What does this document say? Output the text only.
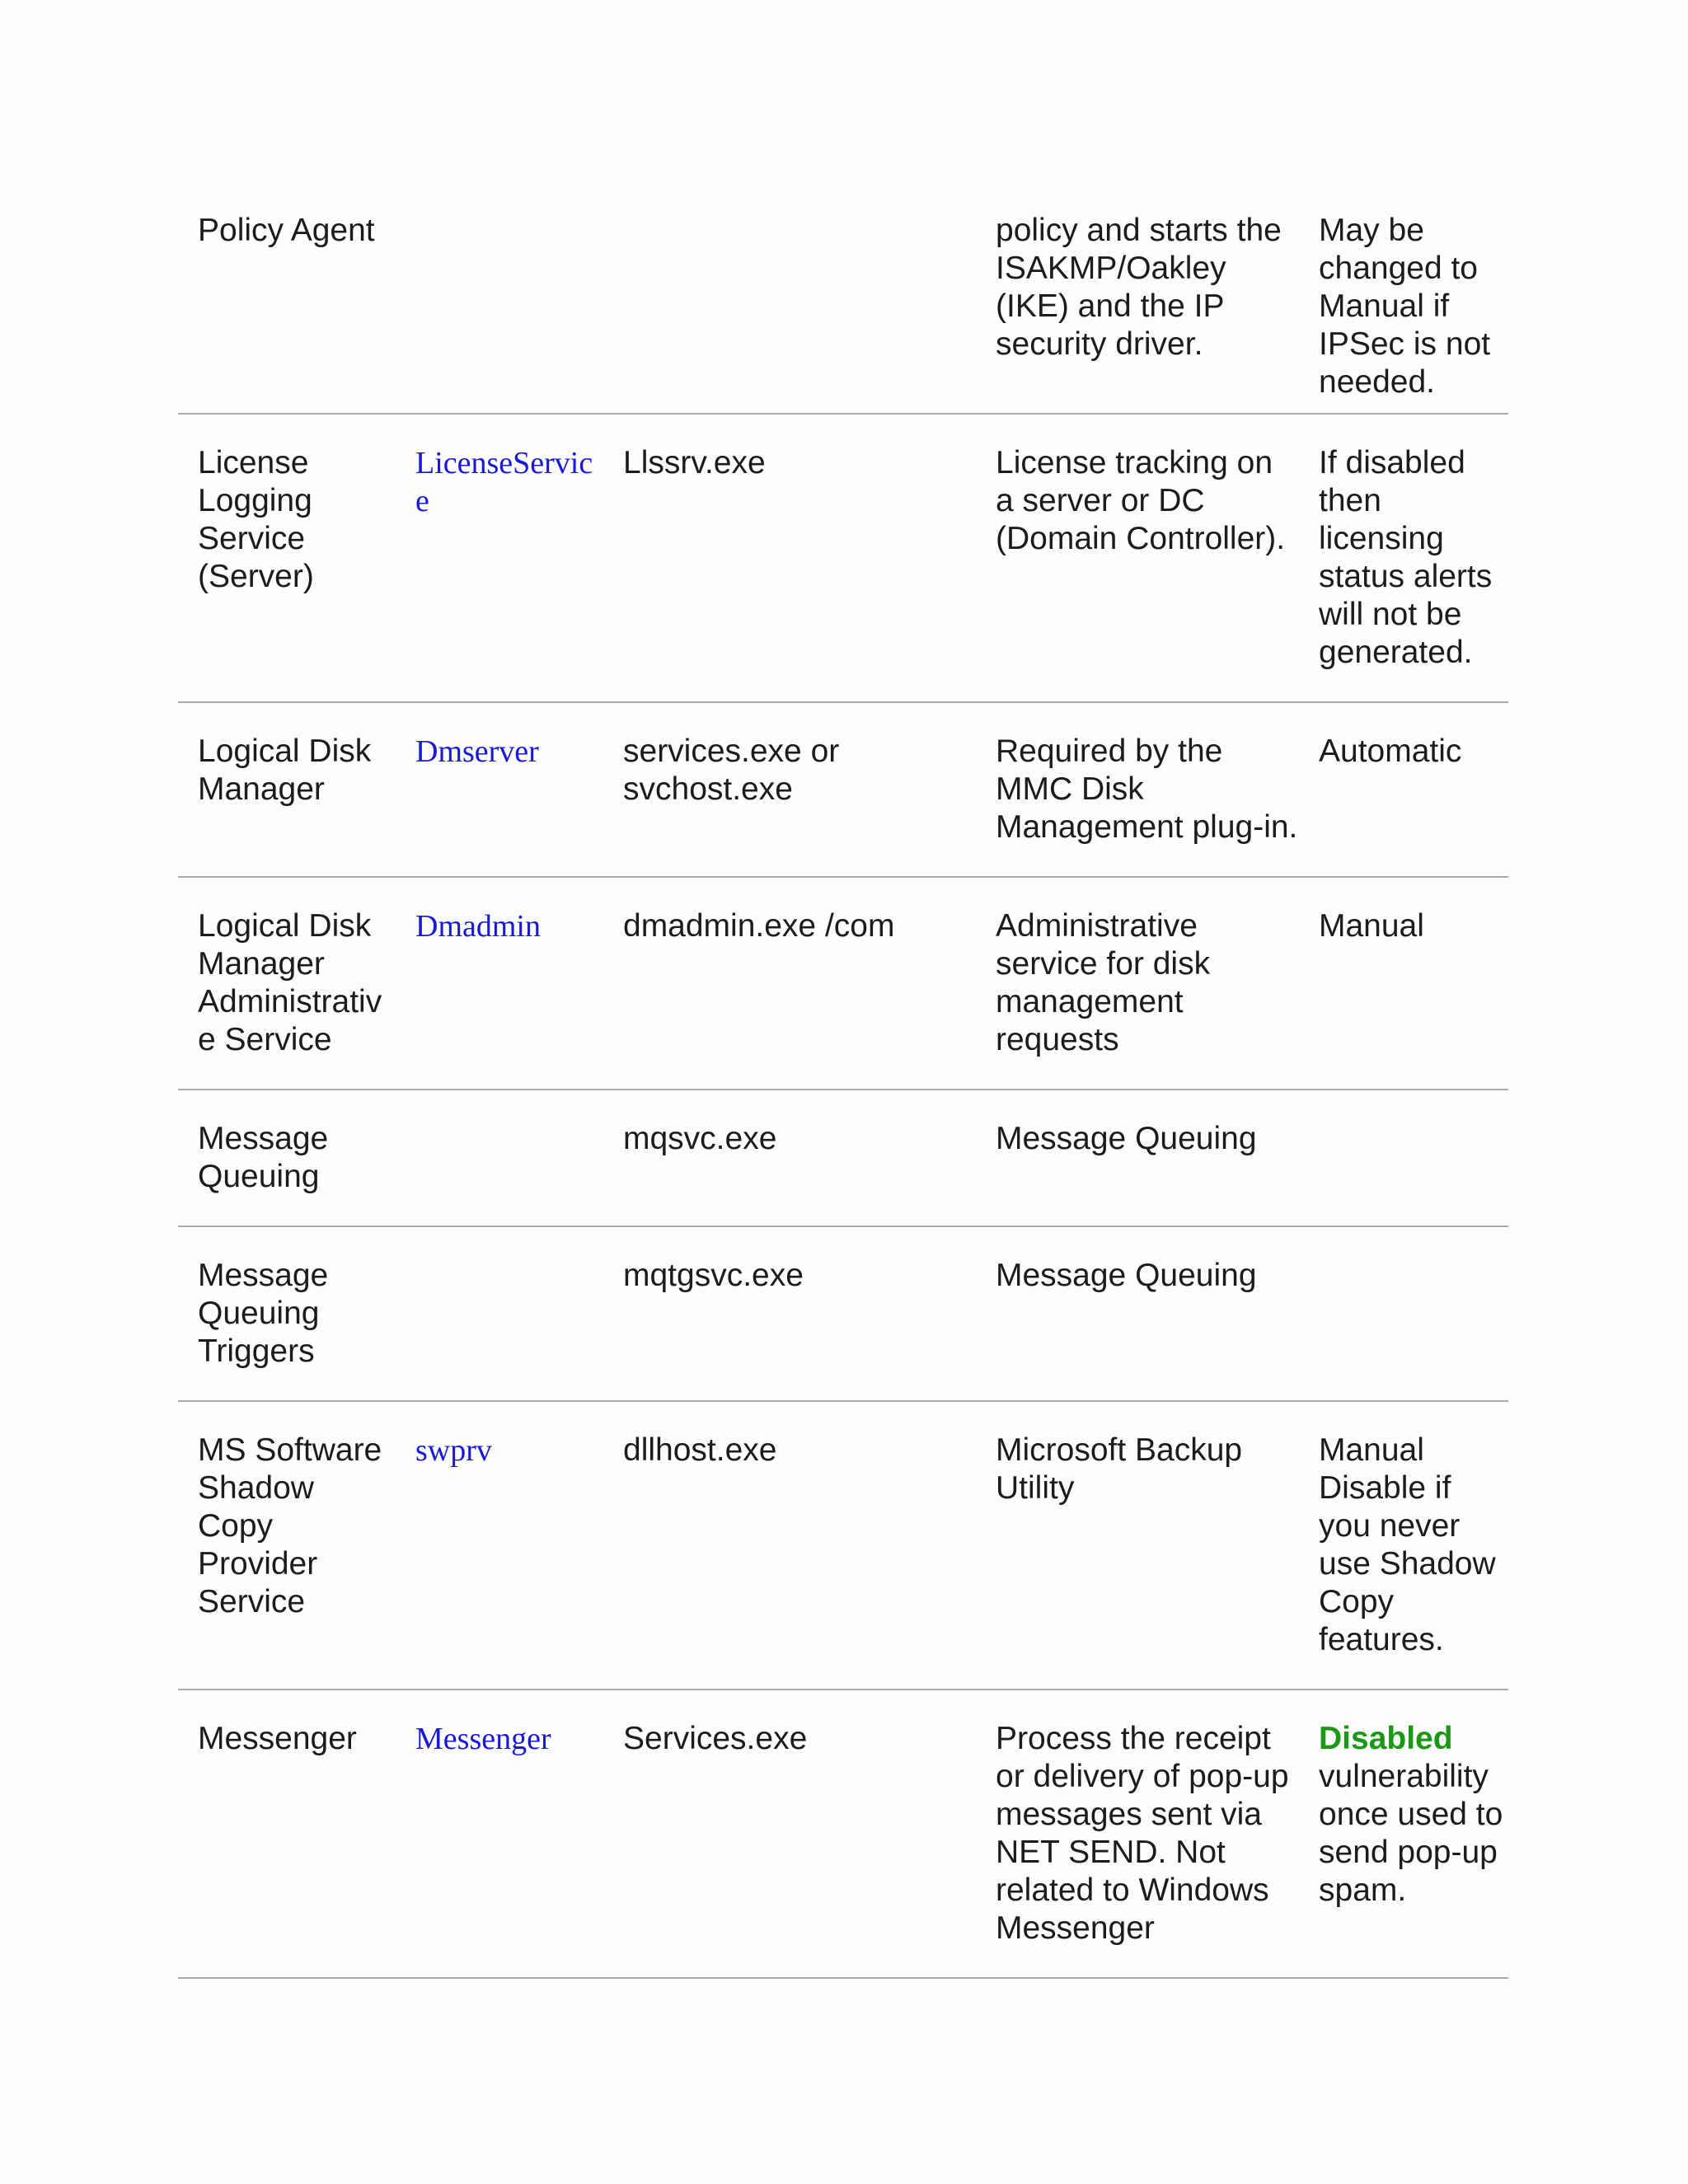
Policy Agent			policy and starts the ISAKMP/Oakley (IKE) and the IP security driver.	May be changed to Manual if IPSec is not needed.
License Logging Service (Server)	LicenseService	Llssrv.exe	License tracking on a server or DC (Domain Controller).	If disabled then licensing status alerts will not be generated.
Logical Disk Manager	Dmserver	services.exe or svchost.exe	Required by the MMC Disk Management plug-in.	Automatic
Logical Disk Manager Administrative Service	Dmadmin	dmadmin.exe /com	Administrative service for disk management requests	Manual
Message Queuing		mqsvc.exe	Message Queuing	
Message Queuing Triggers		mqtgsvc.exe	Message Queuing	
MS Software Shadow Copy Provider Service	swprv	dllhost.exe	Microsoft Backup Utility	Manual Disable if you never use Shadow Copy features.
Messenger	Messenger	Services.exe	Process the receipt or delivery of pop-up messages sent via NET SEND. Not related to Windows Messenger	Disabled vulnerability once used to send pop-up spam.
